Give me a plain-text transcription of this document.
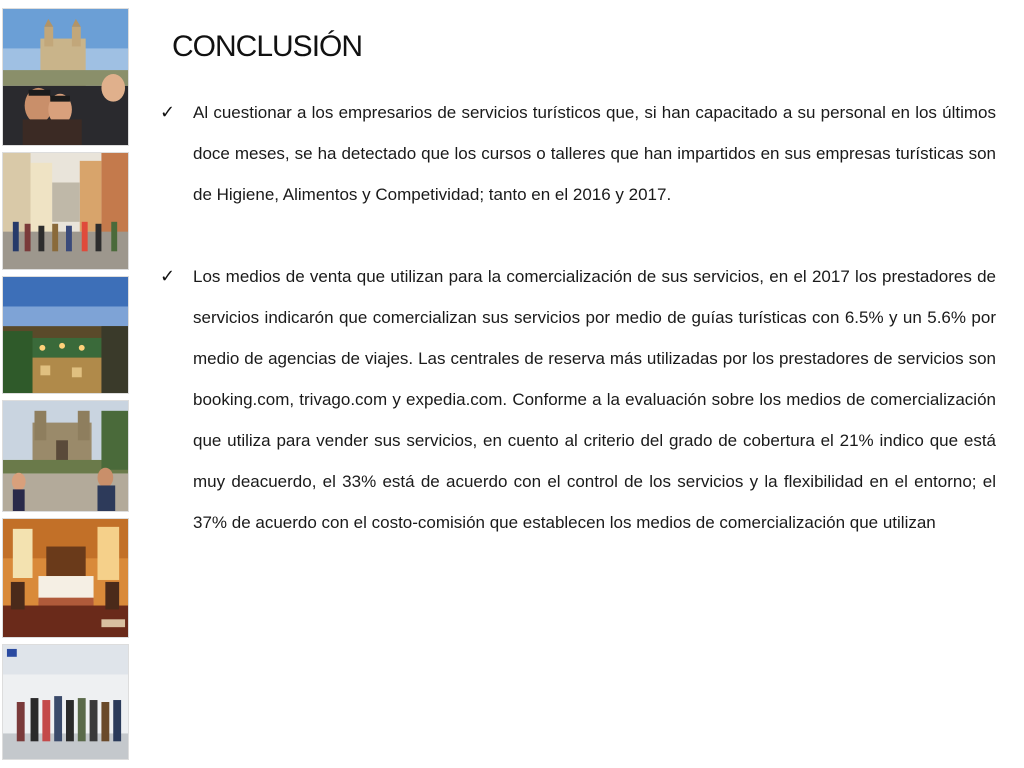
CONCLUSIÓN
✓ Al cuestionar a los empresarios de servicios turísticos que, si han capacitado a su personal en los últimos doce meses, se ha detectado que los cursos o talleres que han impartidos en sus empresas turísticas son de Higiene, Alimentos y Competividad; tanto en el 2016 y 2017.
✓ Los medios de venta que utilizan para la comercialización de sus servicios, en el 2017 los prestadores de servicios indicarón que comercializan sus servicios por medio de guías turísticas con 6.5% y un 5.6% por medio de agencias de viajes. Las centrales de reserva más utilizadas por los prestadores de servicios son booking.com, trivago.com y expedia.com. Conforme a la evaluación sobre los medios de comercialización que utiliza para vender sus servicios, en cuento al criterio del grado de cobertura el 21% indico que está muy deacuerdo, el 33% está de acuerdo con el control de los servicios y la flexibilidad en el entorno; el 37% de acuerdo con el costo-comisión que establecen los medios de comercialización que utilizan
